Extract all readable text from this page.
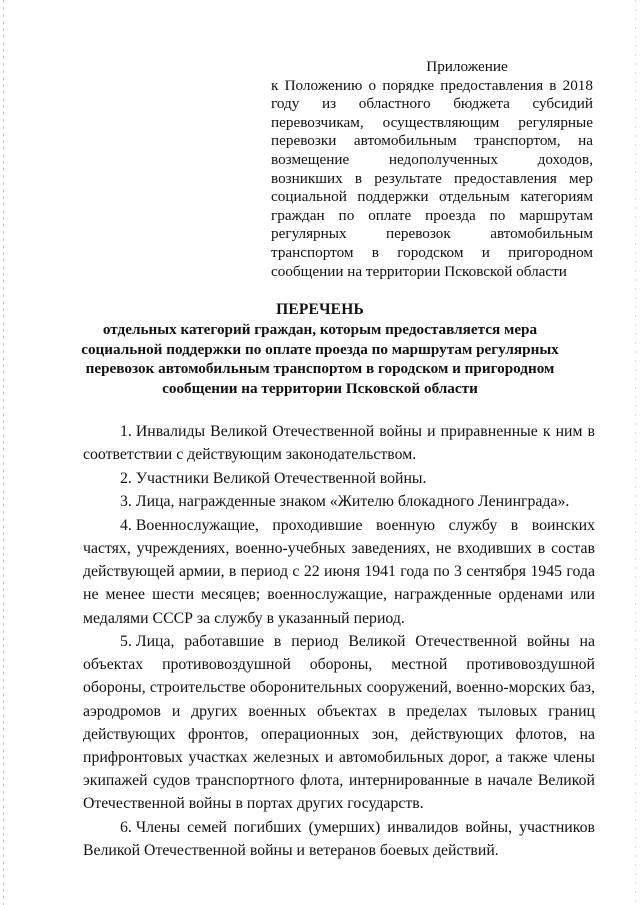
Приложение
к Положению о порядке предоставления в 2018 году из областного бюджета субсидий перевозчикам, осуществляющим регулярные перевозки автомобильным транспортом, на возмещение недополученных доходов, возникших в результате предоставления мер социальной поддержки отдельным категориям граждан по оплате проезда по маршрутам регулярных перевозок автомобильным транспортом в городском и пригородном сообщении на территории Псковской области
ПЕРЕЧЕНЬ
отдельных категорий граждан, которым предоставляется мера социальной поддержки по оплате проезда по маршрутам регулярных перевозок автомобильным транспортом в городском и пригородном сообщении на территории Псковской области

1. Инвалиды Великой Отечественной войны и приравненные к ним в соответствии с действующим законодательством.

2. Участники Великой Отечественной войны.

3. Лица, награжденные знаком «Жителю блокадного Ленинграда».

4. Военнослужащие, проходившие военную службу в воинских частях, учреждениях, военно-учебных заведениях, не входивших в состав действующей армии, в период с 22 июня 1941 года по 3 сентября 1945 года не менее шести месяцев; военнослужащие, награжденные орденами или медалями СССР за службу в указанный период.

5. Лица, работавшие в период Великой Отечественной войны на объектах противовоздушной обороны, местной противовоздушной обороны, строительстве оборонительных сооружений, военно-морских баз, аэродромов и других военных объектах в пределах тыловых границ действующих фронтов, операционных зон, действующих флотов, на прифронтовых участках железных и автомобильных дорог, а также члены экипажей судов транспортного флота, интернированные в начале Великой Отечественной войны в портах других государств.

6. Члены семей погибших (умерших) инвалидов войны, участников Великой Отечественной войны и ветеранов боевых действий.
